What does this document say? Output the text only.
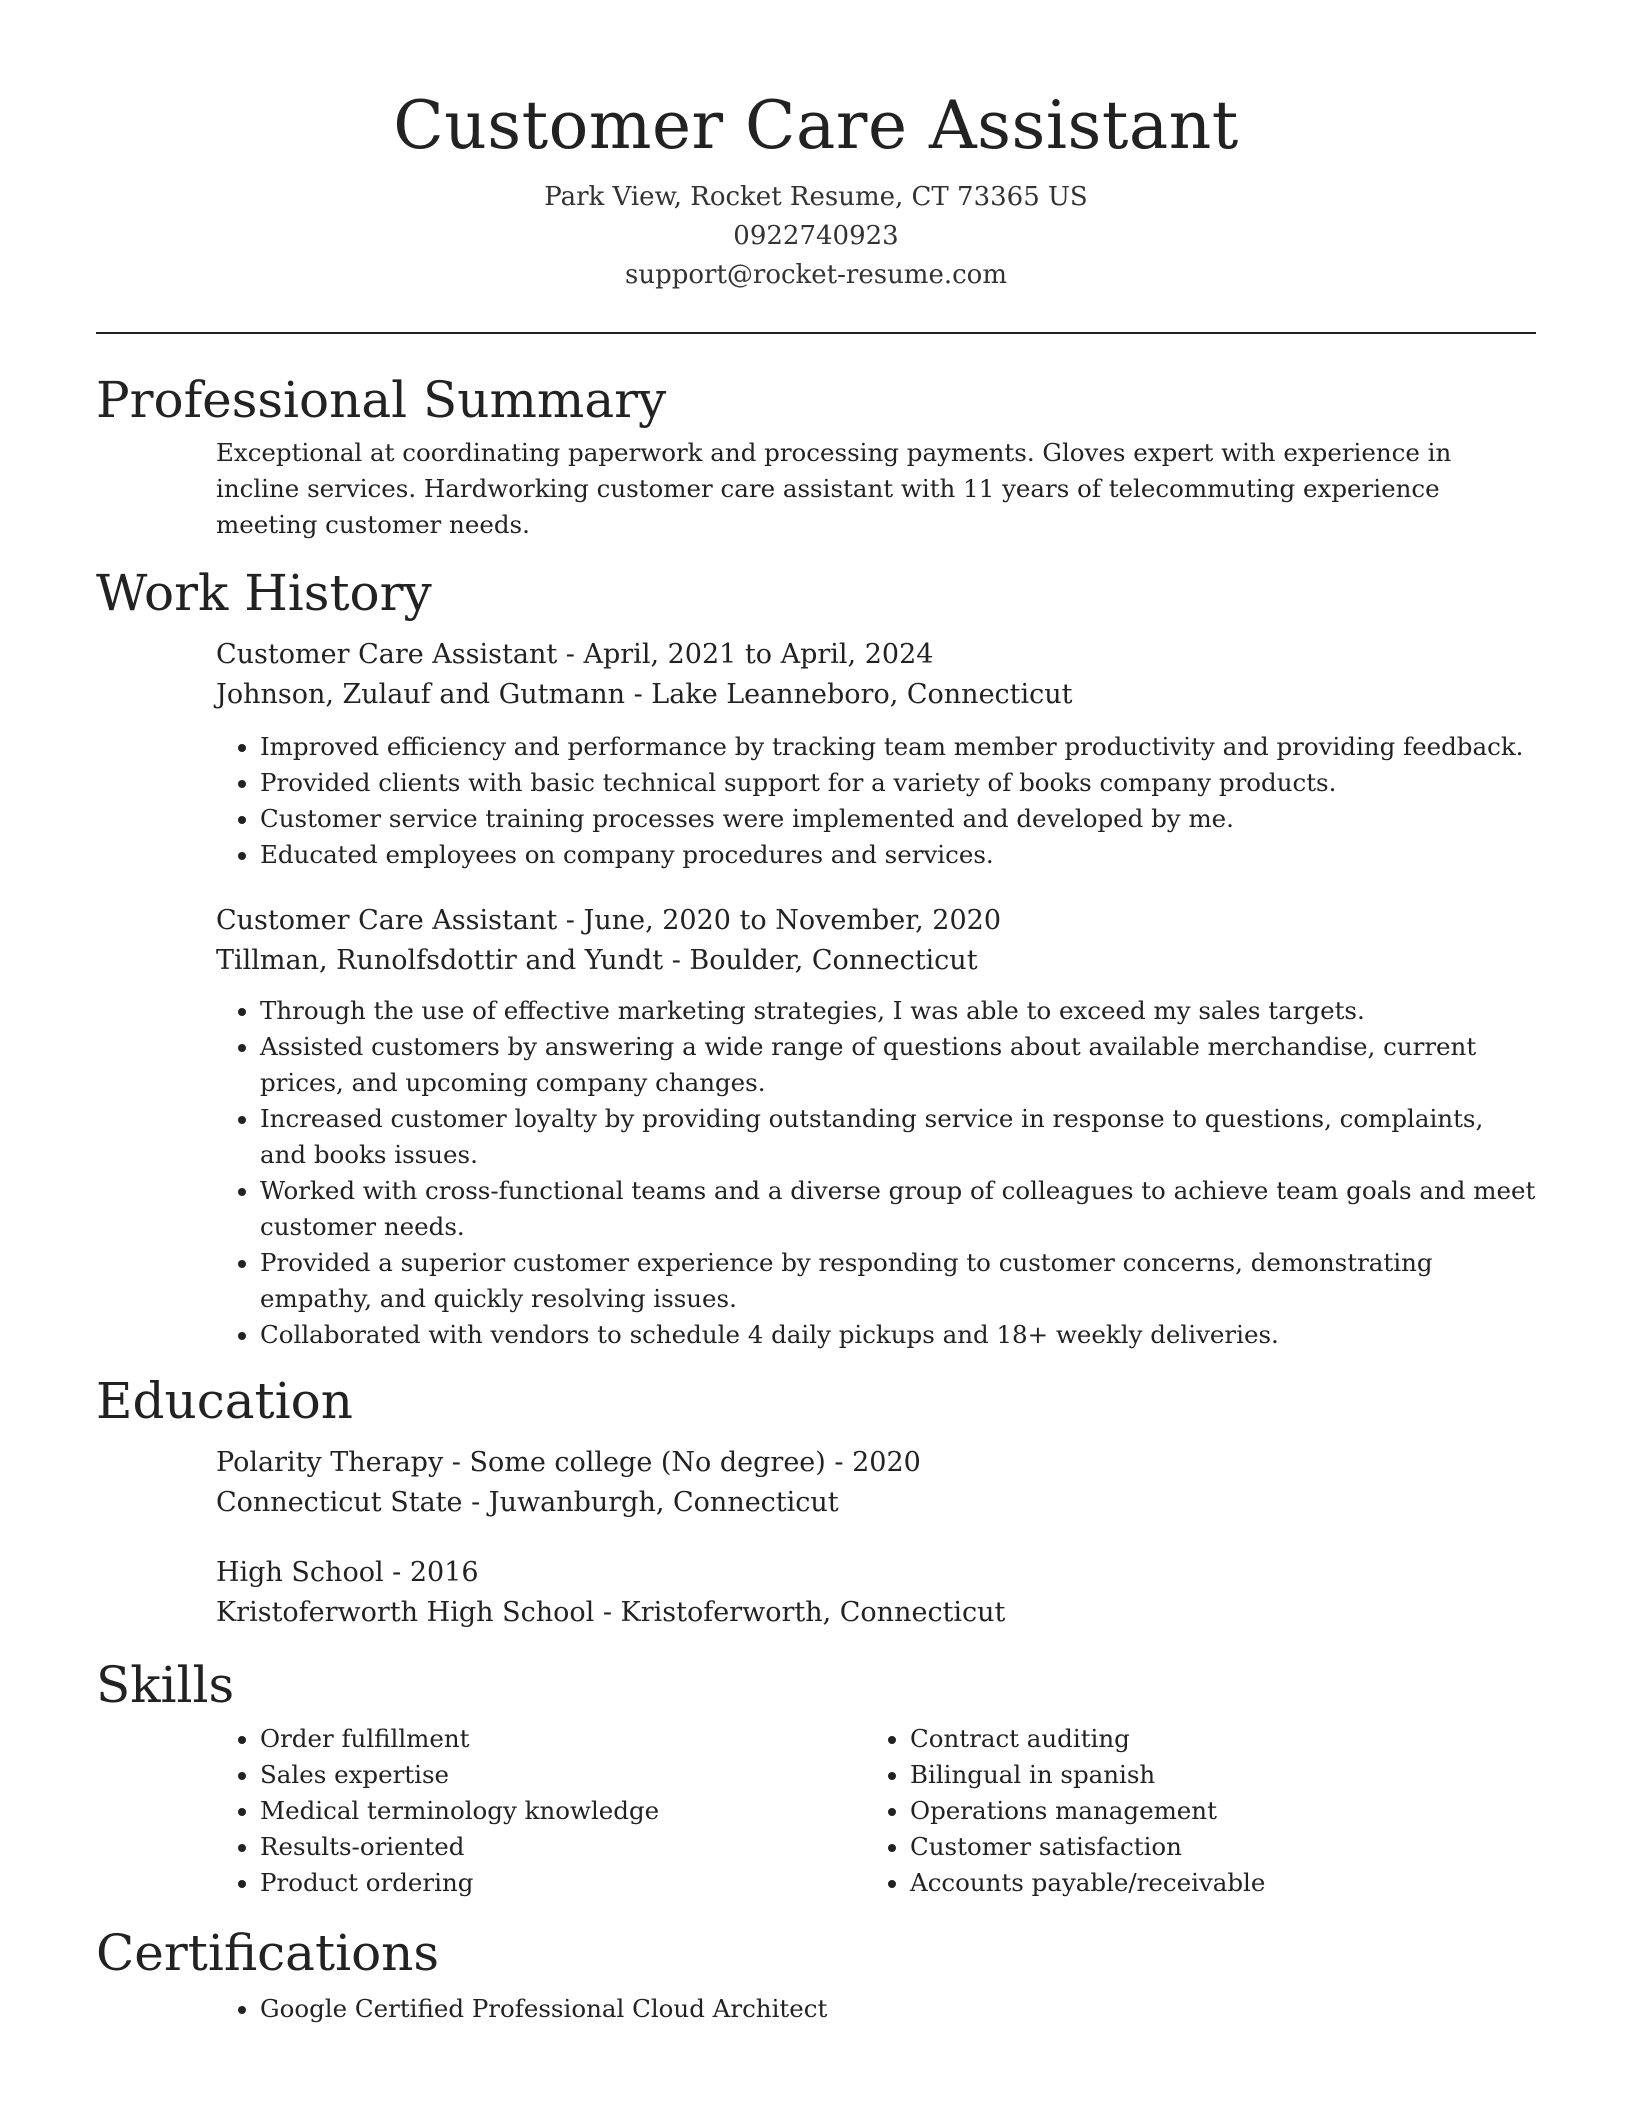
Customer Care Assistant
Park View, Rocket Resume, CT 73365 US
0922740923
support@rocket-resume.com
Professional Summary

Exceptional at coordinating paperwork and processing payments. Gloves expert with experience in incline services. Hardworking customer care assistant with 11 years of telecommuting experience meeting customer needs.

Work History
Customer Care Assistant - April, 2021 to April, 2024
Johnson, Zulauf and Gutmann - Lake Leanneboro, Connecticut
• Improved efficiency and performance by tracking team member productivity and providing feedback.
• Provided clients with basic technical support for a variety of books company products.
• Customer service training processes were implemented and developed by me.
• Educated employees on company procedures and services.
Customer Care Assistant - June, 2020 to November, 2020
Tillman, Runolfsdottir and Yundt - Boulder, Connecticut
• Through the use of effective marketing strategies, I was able to exceed my sales targets.
• Assisted customers by answering a wide range of questions about available merchandise, current prices, and upcoming company changes.
• Increased customer loyalty by providing outstanding service in response to questions, complaints, and books issues.
• Worked with cross-functional teams and a diverse group of colleagues to achieve team goals and meet customer needs.
• Provided a superior customer experience by responding to customer concerns, demonstrating empathy, and quickly resolving issues.
• Collaborated with vendors to schedule 4 daily pickups and 18+ weekly deliveries.
Education
Polarity Therapy - Some college (No degree) - 2020
Connecticut State - Juwanburgh, Connecticut
High School - 2016
Kristoferworth High School - Kristoferworth, Connecticut
Skills
• Order fulfillment
• Sales expertise
• Medical terminology knowledge
• Results-oriented
• Product ordering
• Contract auditing
• Bilingual in spanish
• Operations management
• Customer satisfaction
• Accounts payable/receivable
Certifications
• Google Certified Professional Cloud Architect
